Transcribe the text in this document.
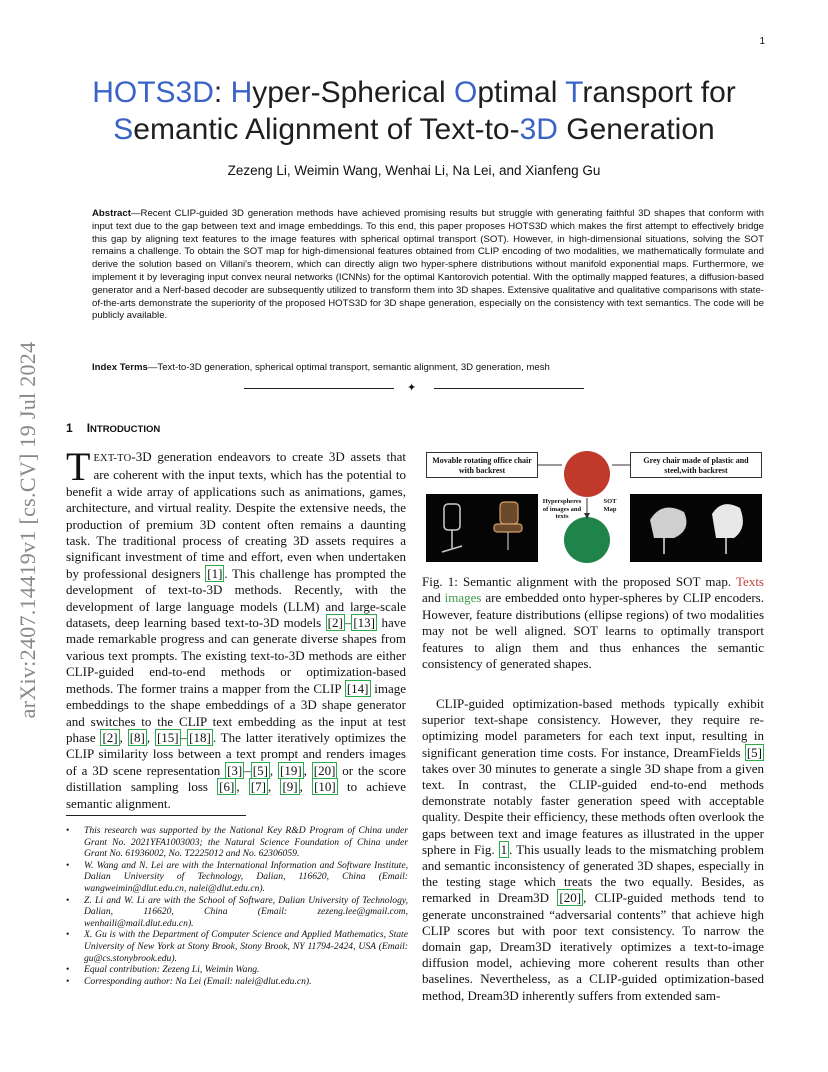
1
arXiv:2407.14419v1 [cs.CV] 19 Jul 2024
HOTS3D: Hyper-Spherical Optimal Transport for
Semantic Alignment of Text-to-3D Generation
Zezeng Li, Weimin Wang, Wenhai Li, Na Lei, and Xianfeng Gu
Abstract—Recent CLIP-guided 3D generation methods have achieved promising results but struggle with generating faithful 3D shapes that conform with input text due to the gap between text and image embeddings. To this end, this paper proposes HOTS3D which makes the first attempt to effectively bridge this gap by aligning text features to the image features with spherical optimal transport (SOT). However, in high-dimensional situations, solving the SOT remains a challenge. To obtain the SOT map for high-dimensional features obtained from CLIP encoding of two modalities, we mathematically formulate and derive the solution based on Villani's theorem, which can directly align two hyper-sphere distributions without manifold exponential maps. Furthermore, we implement it by leveraging input convex neural networks (ICNNs) for the optimal Kantorovich potential. With the optimally mapped features, a diffusion-based generator and a Nerf-based decoder are subsequently utilized to transform them into 3D shapes. Extensive qualitative and qualitative comparisons with state-of-the-arts demonstrate the superiority of the proposed HOTS3D for 3D shape generation, especially on the consistency with text semantics. The code will be publicly available.
Index Terms—Text-to-3D generation, spherical optimal transport, semantic alignment, 3D generation, mesh
✦
1 INTRODUCTION
TEXT-TO-3D generation endeavors to create 3D assets that are coherent with the input texts, which has the potential to benefit a wide array of applications such as animations, games, architecture, and virtual reality. Despite the extensive needs, the production of premium 3D content often remains a daunting task. The traditional process of creating 3D assets requires a significant investment of time and effort, even when undertaken by professional designers [1] . This challenge has prompted the development of text-to-3D methods. Recently, with the development of large language models (LLM) and large-scale datasets, deep learning based text-to-3D models [2] – [13] have made remarkable progress and can generate diverse shapes from various text prompts. The existing text-to-3D methods are either CLIP-guided end-to-end methods or optimization-based methods. The former trains a mapper from the CLIP [14] image embeddings to the shape embeddings of a 3D shape generator and switches to the CLIP text embedding as the input at test phase [2] , [8] , [15] – [18] . The latter iteratively optimizes the CLIP similarity loss between a text prompt and renders images of a 3D scene representation [3] – [5] , [19] , [20] or the score distillation sampling loss [6] , [7] , [9] , [10] to achieve semantic alignment.
• This research was supported by the National Key R&D Program of China under Grant No. 2021YFA1003003; the Natural Science Foundation of China under Grant No. 61936002, No. T2225012 and No. 62306059.
• W. Wang and N. Lei are with the International Information and Software Institute, Dalian University of Technology, Dalian, 116620, China (Email: wangweimin@dlut.edu.cn, nalei@dlut.edu.cn).
• Z. Li and W. Li are with the School of Software, Dalian University of Technology, Dalian, 116620, China (Email: zezeng.lee@gmail.com, wenhaili@mail.dlut.edu.cn).
• X. Gu is with the Department of Computer Science and Applied Mathematics, State University of New York at Stony Brook, Stony Brook, NY 11794-2424, USA (Email: gu@cs.stonybrook.edu).
• Equal contribution: Zezeng Li, Weimin Wang.
• Corresponding author: Na Lei (Email: nalei@dlut.edu.cn).
Movable rotating office chair with backrest
Grey chair made of plastic and steel,with backrest
Hyperspheres of images and texts
SOT Map
Fig. 1: Semantic alignment with the proposed SOT map. Texts and images are embedded onto hyper-spheres by CLIP encoders. However, feature distributions (ellipse regions) of two modalities may not be well aligned. SOT learns to optimally transport features to align them and thus enhances the semantic consistency of generated shapes.
CLIP-guided optimization-based methods typically exhibit superior text-shape consistency. However, they require re-optimizing model parameters for each text input, resulting in significant generation time costs. For instance, DreamFields [5] takes over 30 minutes to generate a single 3D shape from a given text. In contrast, the CLIP-guided end-to-end methods demonstrate notably faster generation speed with acceptable quality. Despite their efficiency, these methods often overlook the gaps between text and image features as illustrated in the upper sphere in Fig. 1 . This usually leads to the mismatching problem and semantic inconsistency of generated 3D shapes, especially in the testing stage which treats the two equally. Besides, as remarked in Dream3D [20] , CLIP-guided methods tend to generate unconstrained “adversarial contents” that achieve high CLIP scores but with poor text consistency. To narrow the domain gap, Dream3D iteratively optimizes a text-to-image diffusion model, achieving more coherent results than other baselines. Nevertheless, as a CLIP-guided optimization-based method, Dream3D inherently suffers from extended sam-
